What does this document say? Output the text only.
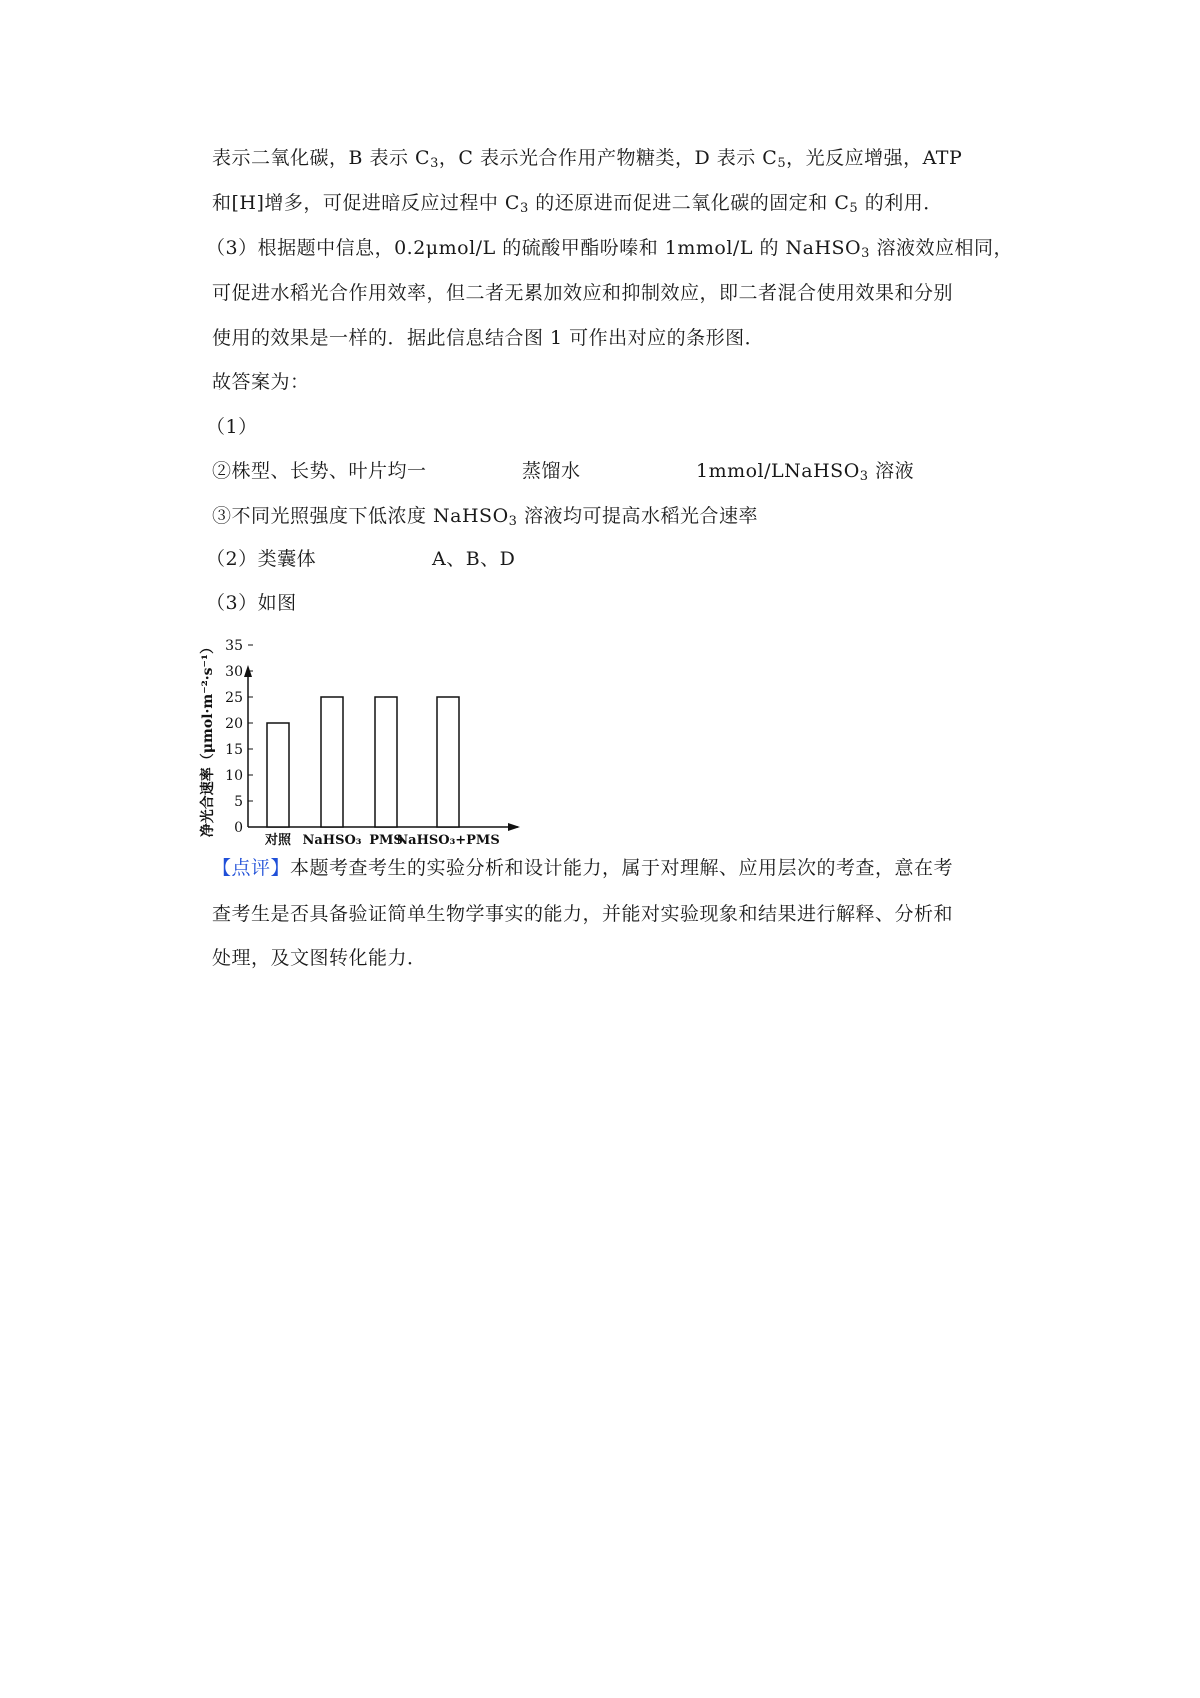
表示二氧化碳，B 表示 $C_3$，C 表示光合作用产物糖类，D 表示 $C_5$，光反应增强，ATP
和[H]增多，可促进暗反应过程中 $C_3$ 的还原进而促进二氧化碳的固定和 $C_5$ 的利用．
（3）根据题中信息，0.2μmol/L 的硫酸甲酯吩嗪和 1mmol/L 的 NaHSO$_3$ 溶液效应相同，
可促进水稻光合作用效率，但二者无累加效应和抑制效应，即二者混合使用效果和分别
使用的效果是一样的．据此信息结合图 1 可作出对应的条形图．
故答案为：
（1）
②株型、长势、叶片均一	蒸馏水	1mmol/LNaHSO$_3$ 溶液
③不同光照强度下低浓度 NaHSO$_3$ 溶液均可提高水稻光合速率
（2）类囊体	A、B、D
（3）如图
0
5
10
15
20
25
30
35
净光合速率（μmol·m⁻²·s⁻¹）
对照 NaHSO₃ PMS
NaHSO₃+PMS
【点评】本题考查考生的实验分析和设计能力，属于对理解、应用层次的考查，意在考
查考生是否具备验证简单生物学事实的能力，并能对实验现象和结果进行解释、分析和
处理，及文图转化能力．
